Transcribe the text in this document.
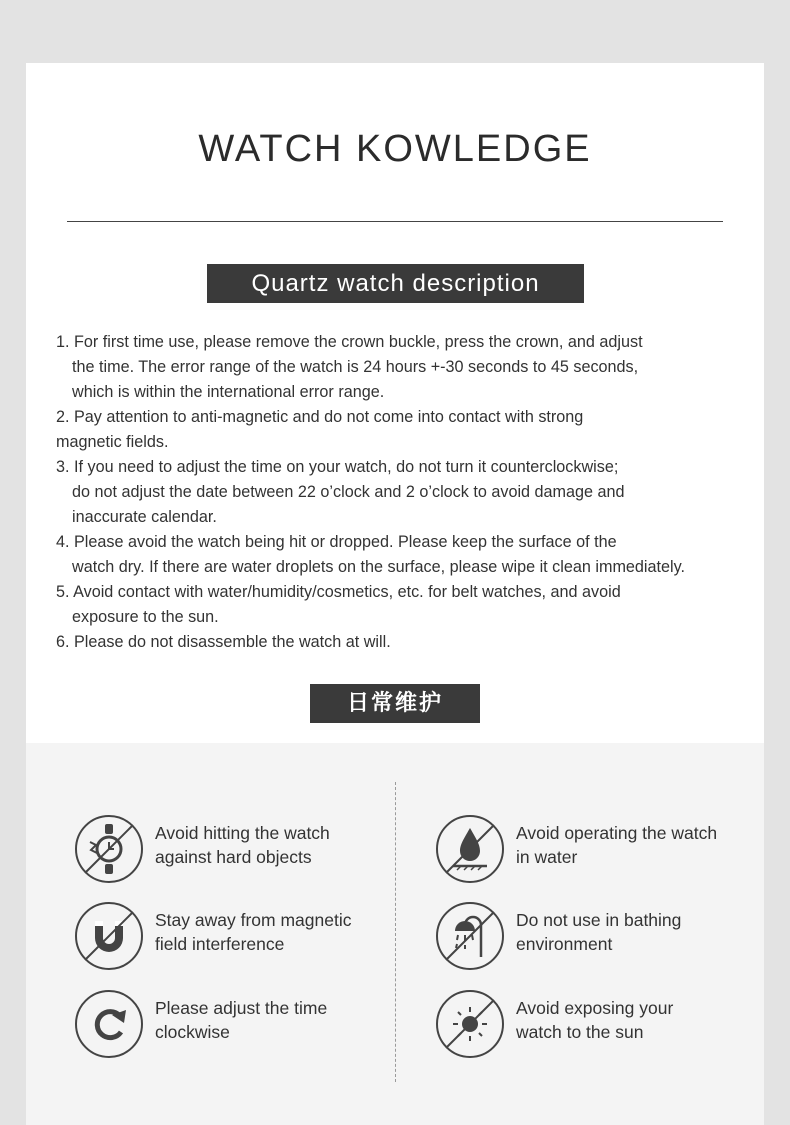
WATCH KOWLEDGE
Quartz watch description

1. For first time use, please remove the crown buckle, press the crown, and adjust

the time. The error range of the watch is 24 hours +-30 seconds to 45 seconds,

which is within the international error range.

2. Pay attention to anti-magnetic and do not come into contact with strong

magnetic fields.

3. If you need to adjust the time on your watch, do not turn it counterclockwise;

do not adjust the date between 22 o’clock and 2 o’clock to avoid damage and

inaccurate calendar.

4. Please avoid the watch being hit or dropped. Please keep the surface of the

watch dry. If there are water droplets on the surface, please wipe it clean immediately.

5. Avoid contact with water/humidity/cosmetics, etc. for belt watches, and avoid

exposure to the sun.

6. Please do not disassemble the watch at will.

日常维护
Avoid hitting the watch
against hard objects
Avoid operating the watch
in water
Stay away from magnetic
field interference
Do not use in bathing
environment
Please adjust the time
clockwise
Avoid exposing your
watch to the sun
